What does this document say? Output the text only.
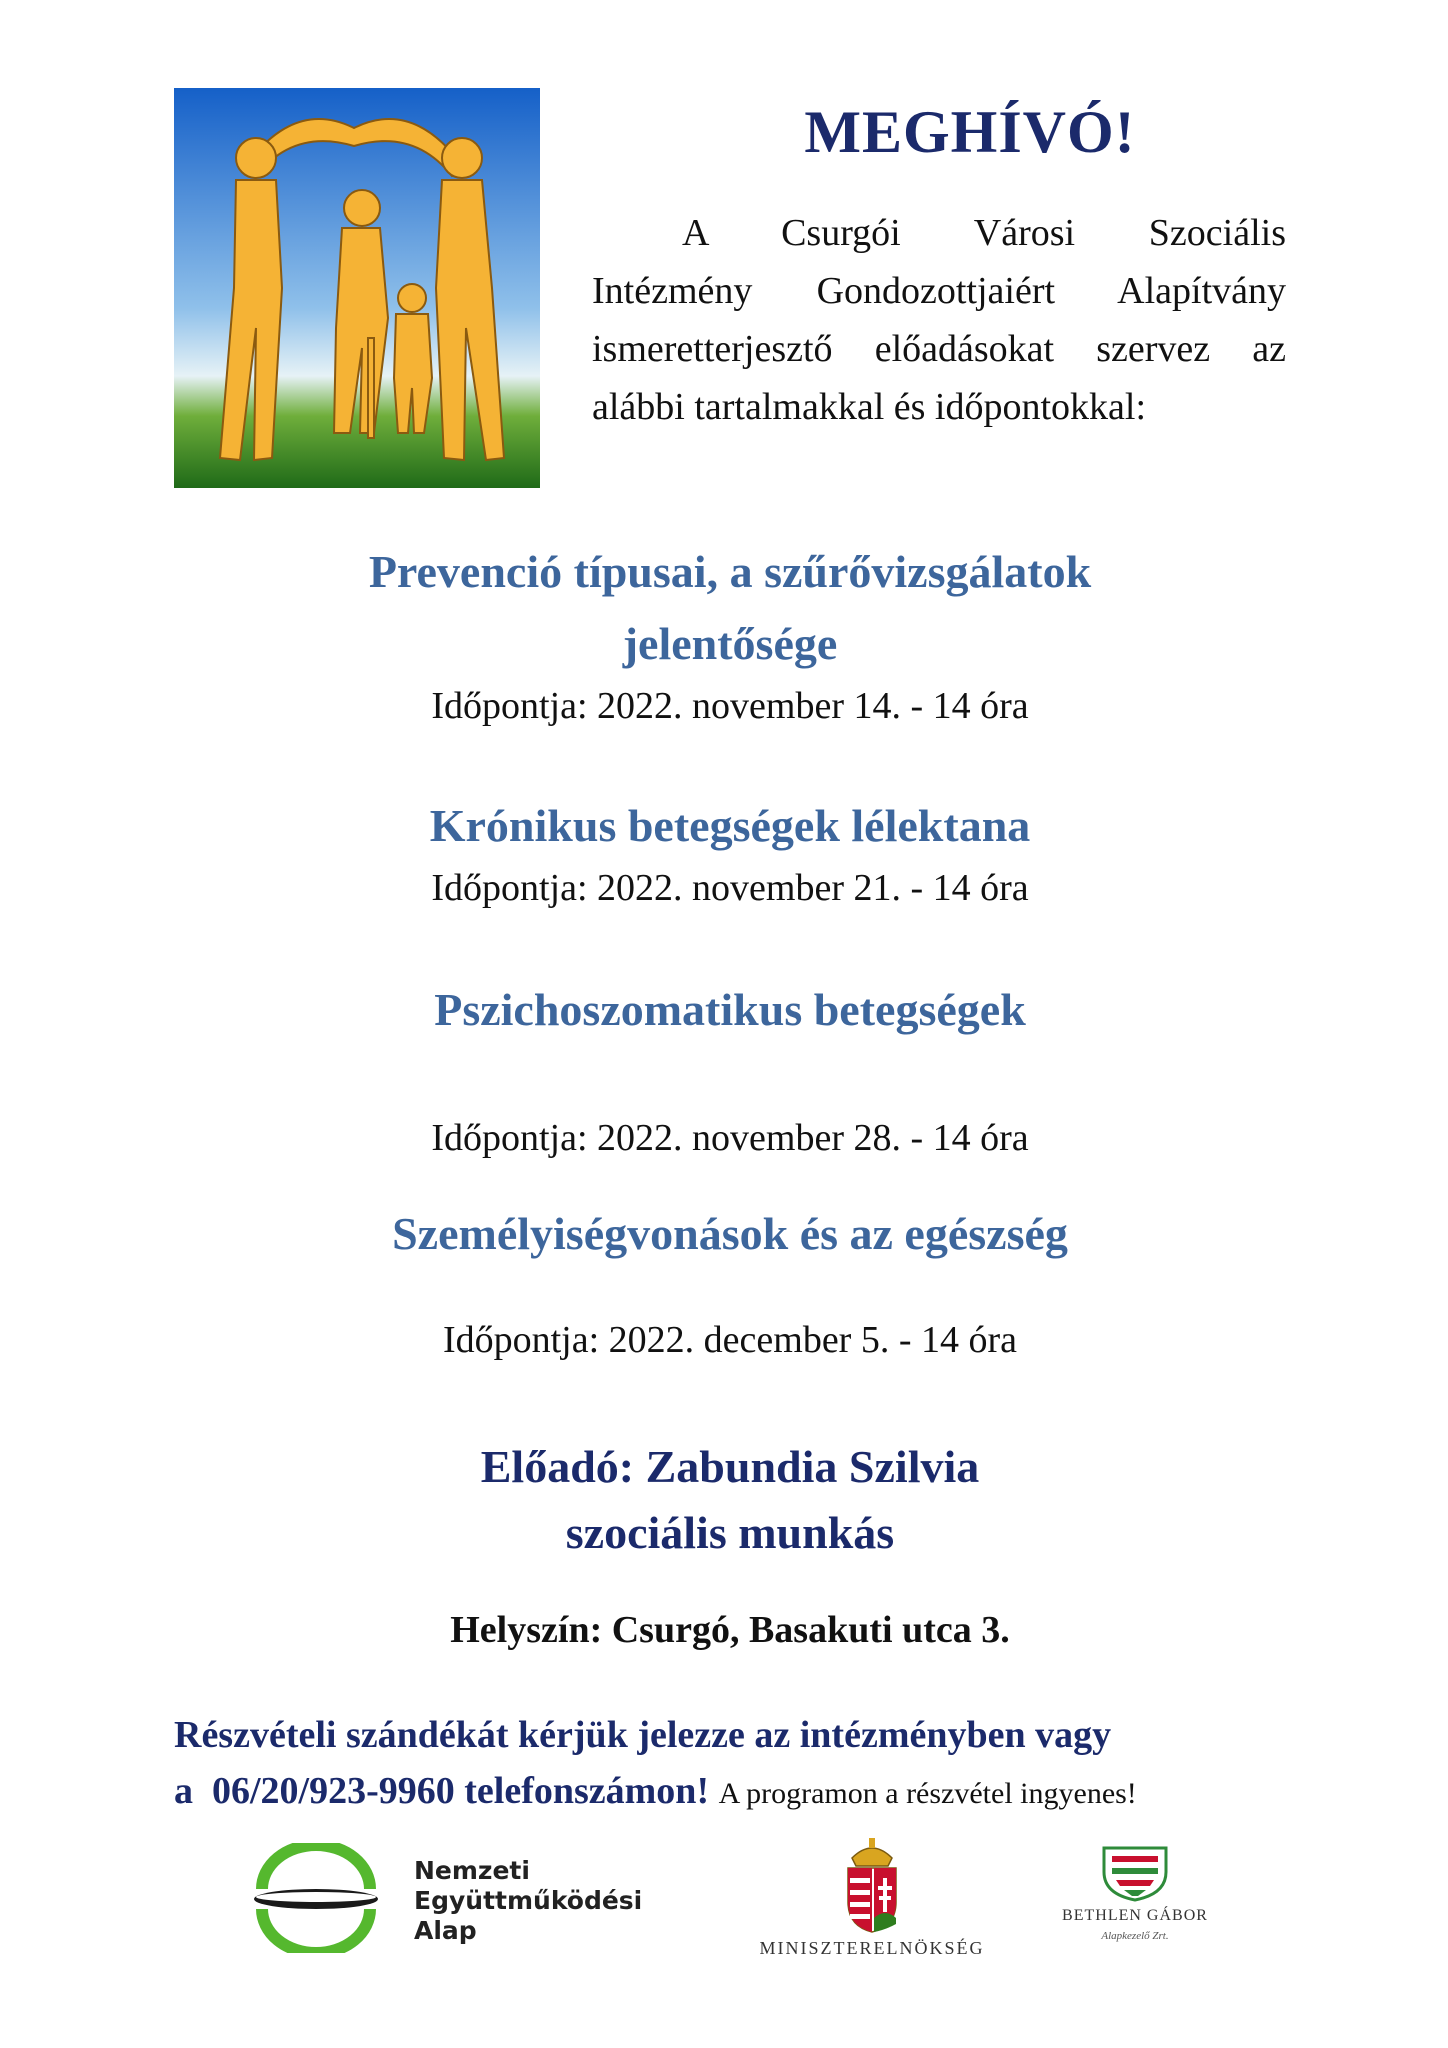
MEGHÍVÓ!
A Csurgói Városi Szociális
Intézmény Gondozottjaiért Alapítvány
ismeretterjesztő előadásokat szervez az
alábbi tartalmakkal és időpontokkal:
Prevenció típusai, a szűrővizsgálatok
jelentősége
Időpontja: 2022. november 14. - 14 óra
Krónikus betegségek lélektana
Időpontja: 2022. november 21. - 14 óra
Pszichoszomatikus betegségek
Időpontja: 2022. november 28. - 14 óra
Személyiségvonások és az egészség
Időpontja: 2022. december 5. - 14 óra
Előadó: Zabundia Szilvia
szociális munkás
Helyszín: Csurgó, Basakuti utca 3.
Részvételi szándékát kérjük jelezze az intézményben vagy
a 06/20/923-9960 telefonszámon! A programon a részvétel ingyenes!
Nemzeti
Együttműködési
Alap
MINISZTERELNÖKSÉG
BETHLEN GÁBOR
Alapkezelő Zrt.
